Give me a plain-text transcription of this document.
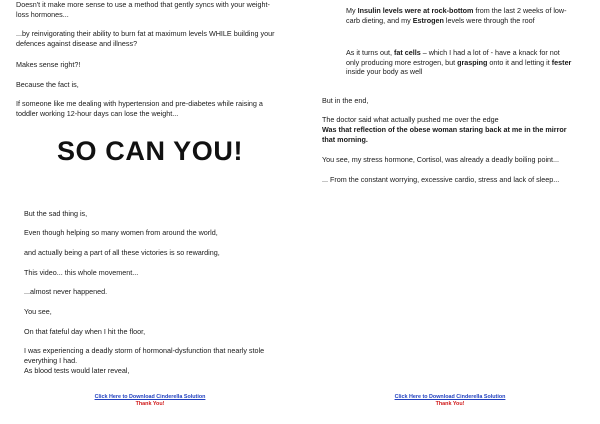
Doesn't it make more sense to use a method that gently syncs with your weight-loss hormones...

...by reinvigorating their ability to burn fat at maximum levels WHILE building your defences against disease and illness?

Makes sense right?!

Because the fact is,

If someone like me dealing with hypertension and pre-diabetes while raising a toddler working 12-hour days can lose the weight...

SO CAN YOU!

But the sad thing is,

Even though helping so many women from around the world,

and actually being a part of all these victories is so rewarding,

This video... this whole movement...

...almost never happened.

You see,

On that fateful day when I hit the floor,

I was experiencing a deadly storm of hormonal-dysfunction that nearly stole everything I had.

As blood tests would later reveal,

My Insulin levels were at rock-bottom from the last 2 weeks of low-carb dieting, and my Estrogen levels were through the roof

As it turns out, fat cells – which I had a lot of - have a knack for not only producing more estrogen, but grasping onto it and letting it fester inside your body as well

But in the end,

The doctor said what actually pushed me over the edge

Was that reflection of the obese woman staring back at me in the mirror that morning.

You see, my stress hormone, Cortisol, was already a deadly boiling point...

... From the constant worrying, excessive cardio, stress and lack of sleep...

Click Here to Download Cinderella Solution
Thank You!
Click Here to Download Cinderella Solution
Thank You!
